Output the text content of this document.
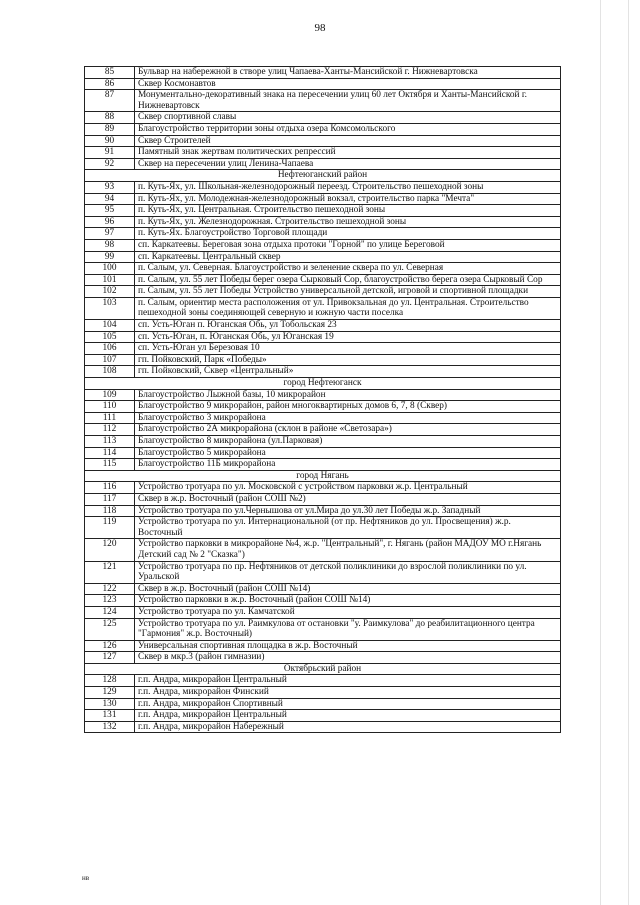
98
85	Бульвар на набережной в створе улиц Чапаева-Ханты-Мансийской г. Нижневартовска
86	Сквер Космонавтов
87	Монументально-декоративный знака на пересечении улиц 60 лет Октября и Ханты-Мансийской г. Нижневартовск
88	Сквер спортивной славы
89	Благоустройство территории зоны отдыха озера Комсомольского
90	Сквер Строителей
91	Памятный знак жертвам политических репрессий
92	Сквер на пересечении улиц Ленина-Чапаева
Нефтеюганский район	
93	п. Куть-Ях, ул. Школьная-железнодорожный переезд. Строительство пешеходной зоны
94	п. Куть-Ях, ул. Молодежная-железнодорожный вокзал, строительство парка "Мечта"
95	п. Куть-Ях, ул. Центральная. Строительство пешеходной зоны
96	п. Куть-Ях, ул. Железнодорожная. Строительство пешеходной зоны
97	п. Куть-Ях. Благоустройство Торговой площади
98	сп. Каркатеевы. Береговая зона отдыха протоки "Горной" по улице Береговой
99	сп. Каркатеевы. Центральный сквер
100	п. Салым, ул. Северная. Благоустройство и зеленение сквера по ул. Северная
101	п. Салым, ул. 55 лет Победы берег озера Сырковый Сор, благоустройство берега озера Сырковый Сор
102	п. Салым, ул. 55 лет Победы Устройство универсальной детской, игровой и спортивной площадки
103	п. Салым, ориентир места расположения от ул. Привокзальная до ул. Центральная. Строительство пешеходной зоны соединяющей северную и южную части поселка
104	сп. Усть-Юган п. Юганская Обь, ул Тобольская 23
105	сп. Усть-Юган, п. Юганская Обь, ул Юганская 19
106	сп. Усть-Юган ул Березовая 10
107	гп. Пойковский, Парк «Победы»
108	гп. Пойковский, Сквер «Центральный»
город Нефтеюганск	
109	Благоустройство Лыжной базы, 10 микрорайон
110	Благоустройство 9 микрорайон, район многоквартирных домов 6, 7, 8 (Сквер)
111	Благоустройство 3 микрорайона
112	Благоустройство 2А микрорайона (склон в районе «Светозара»)
113	Благоустройство 8 микрорайона (ул.Парковая)
114	Благоустройство 5 микрорайона
115	Благоустройство 11Б микрорайона
город Нягань	
116	Устройство тротуара по ул. Московской с устройством парковки ж.р. Центральный
117	Сквер в ж.р. Восточный (район СОШ №2)
118	Устройство тротуара по ул.Чернышова от ул.Мира до ул.30 лет Победы ж.р. Западный
119	Устройство тротуара по ул. Интернациональной (от пр. Нефтяников до ул. Просвещения) ж.р. Восточный
120	Устройство парковки в микрорайоне №4, ж.р. "Центральный", г. Нягань (район МАДОУ МО г.Нягань Детский сад № 2 "Сказка")
121	Устройство тротуара по пр. Нефтяников от детской поликлиники до взрослой поликлиники по ул. Уральской
122	Сквер в ж.р. Восточный (район СОШ №14)
123	Устройство парковки в ж.р. Восточный (район СОШ №14)
124	Устройство тротуара по ул. Камчатской
125	Устройство тротуара по ул. Раимкулова от остановки "у. Раимкулова" до реабилитационного центра "Гармония" ж.р. Восточный)
126	Универсальная спортивная площадка в ж.р. Восточный
127	Сквер в мкр.3 (район гимназии)
Октябрьский район	
128	г.п. Андра, микрорайон Центральный
129	г.п. Андра, микрорайон Финский
130	г.п. Андра, микрорайон Спортивный
131	г.п. Андра, микрорайон Центральный
132	г.п. Андра, микрорайон Набережный
нв
